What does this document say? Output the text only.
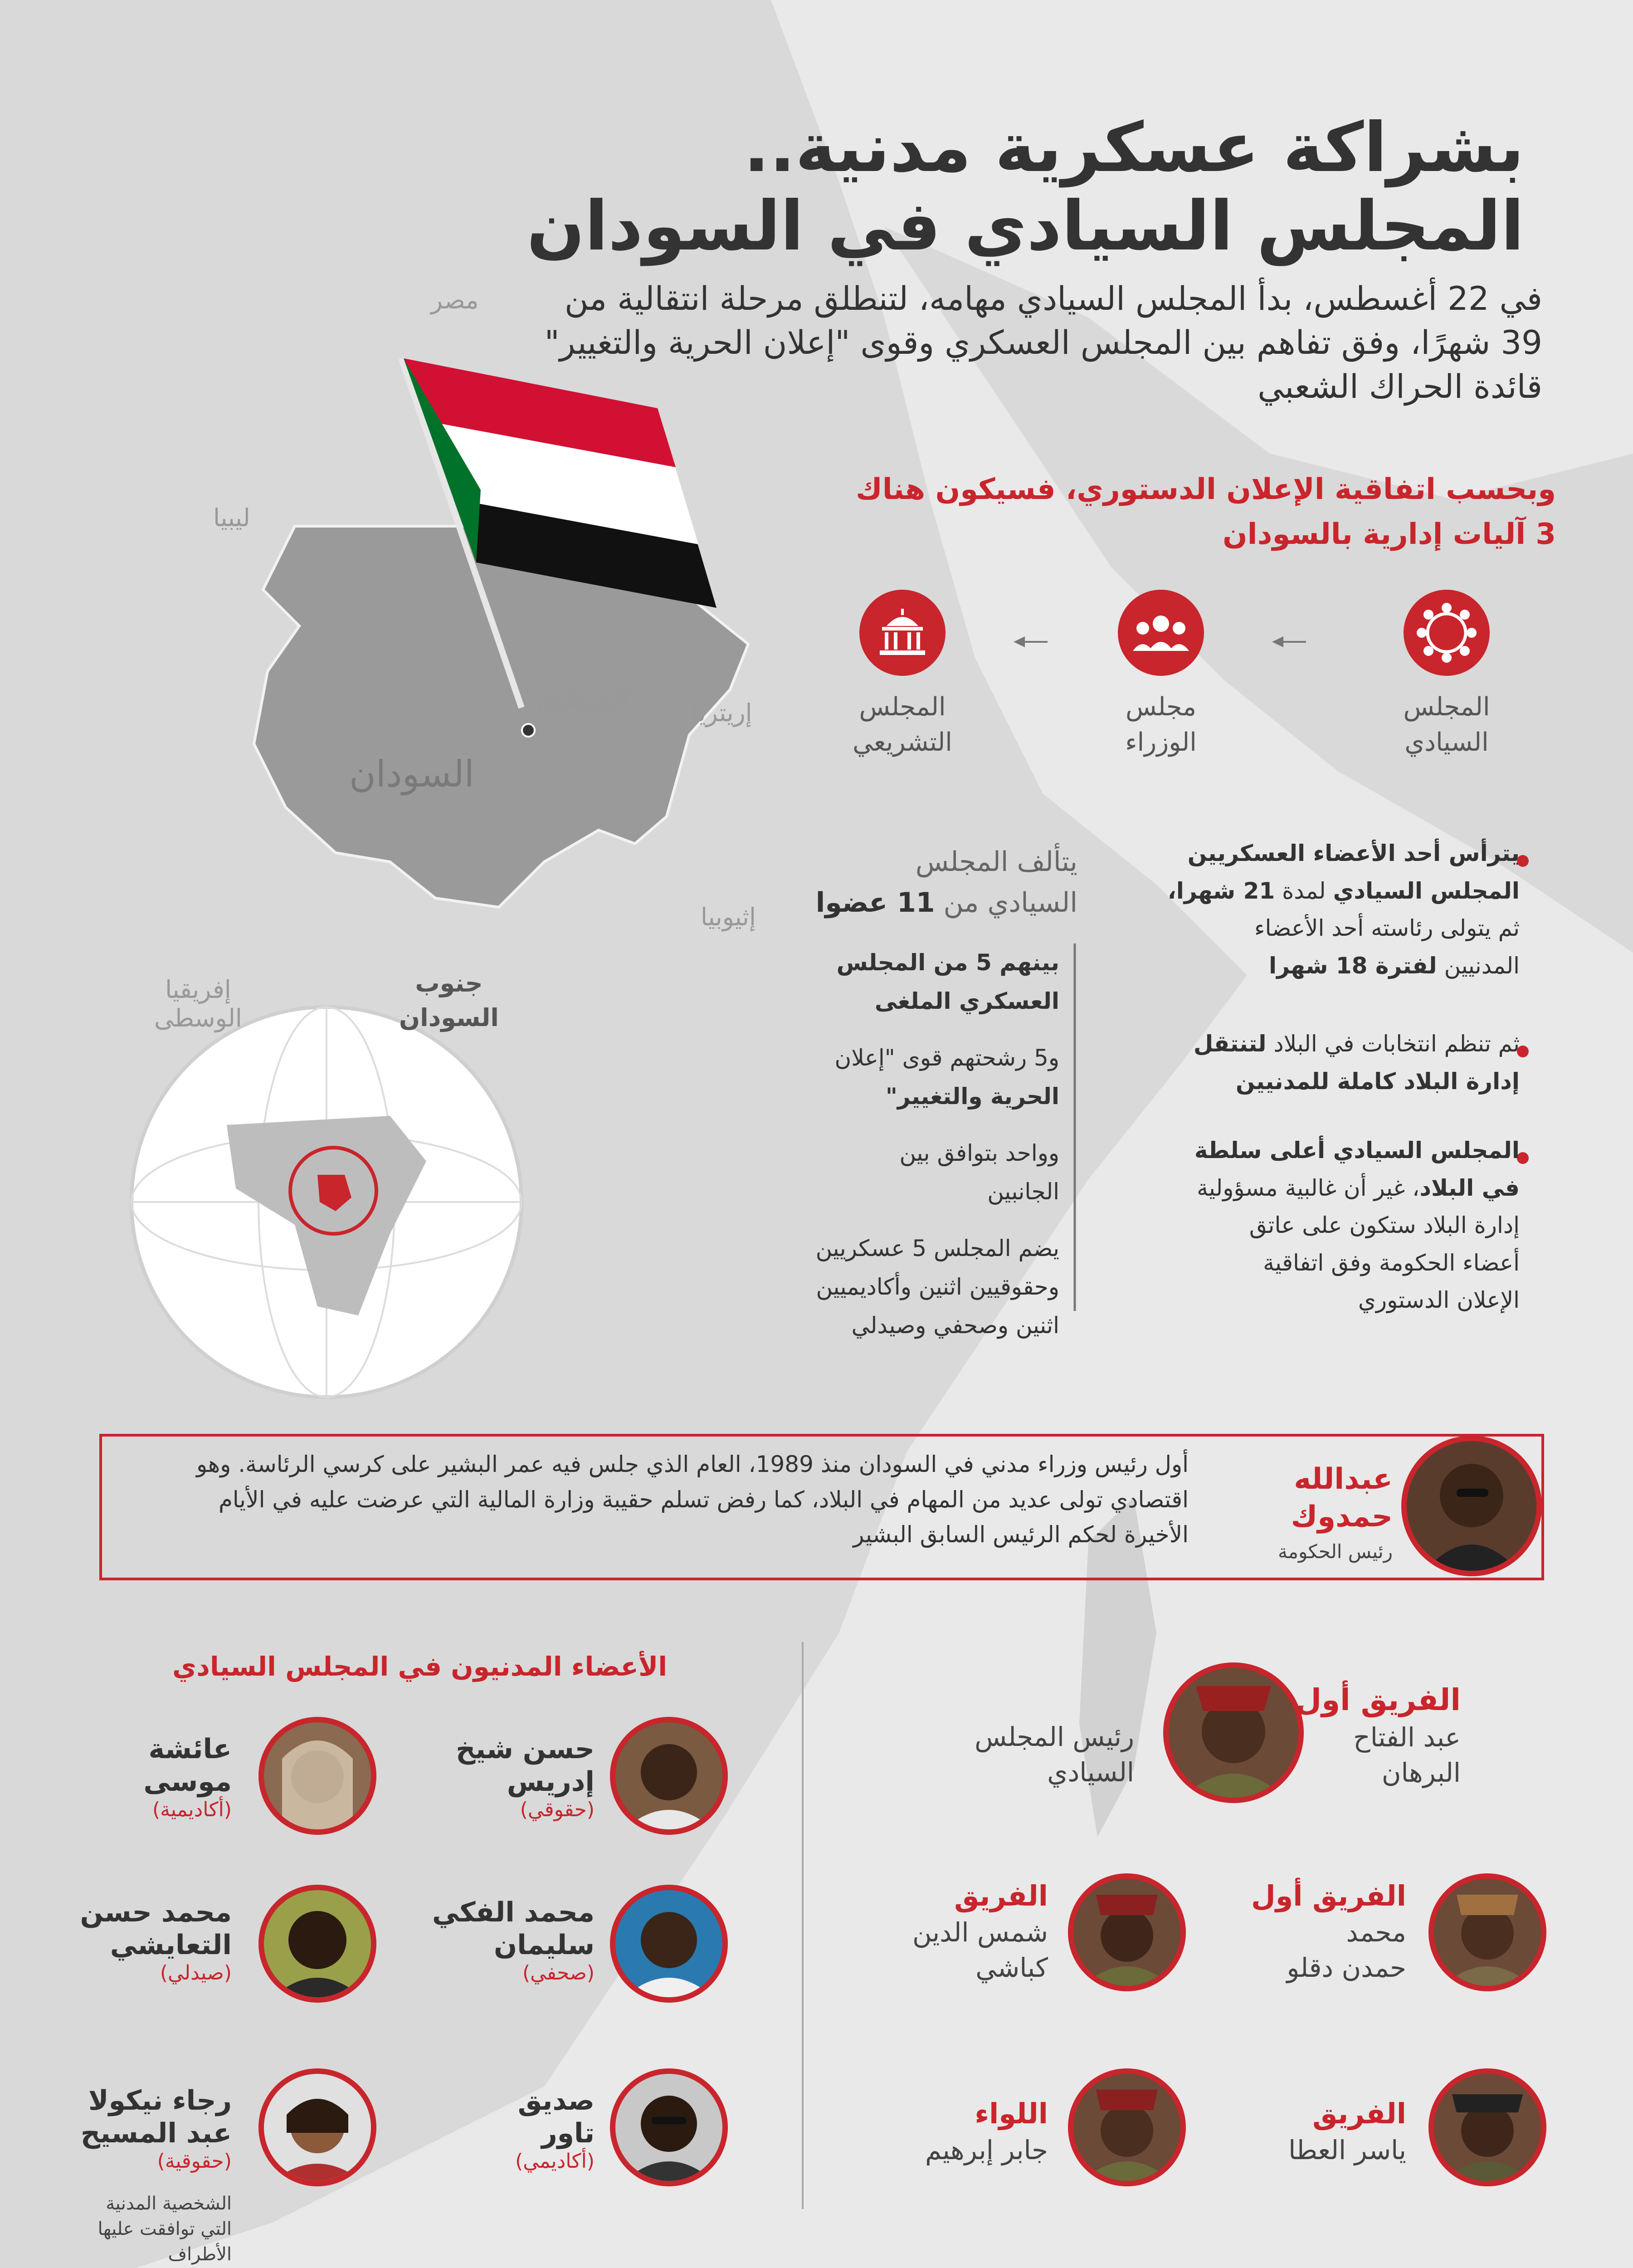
بشراكة عسكرية مدنية..
المجلس السيادي في السودان
في 22 أغسطس، بدأ المجلس السيادي مهامه، لتنطلق مرحلة انتقالية من
39 شهرًا، وفق تفاهم بين المجلس العسكري وقوى "إعلان الحرية والتغيير"
قائدة الحراك الشعبي
مصر
ليبيا
الخرطوم	إريتريا
السودان
إثيوبيا
إفريقيا
الوسطى
جنوب
السودان
وبحسب اتفاقية الإعلان الدستوري، فسيكون هناك
3 آليات إدارية بالسودان
المجلس
السيادي
مجلس
الوزراء
المجلس
التشريعي
يترأس أحد الأعضاء العسكريين
المجلس السيادي لمدة 21 شهرا،
ثم يتولى رئاسته أحد الأعضاء
المدنيين لفترة 18 شهرا
ثم تنظم انتخابات في البلاد لتنتقل
إدارة البلاد كاملة للمدنيين
المجلس السيادي أعلى سلطة
في البلاد، غير أن غالبية مسؤولية
إدارة البلاد ستكون على عاتق
أعضاء الحكومة وفق اتفاقية
الإعلان الدستوري
يتألف المجلس
السيادي من 11 عضوا
بينهم 5 من المجلس
العسكري الملغى
و5 رشحتهم قوى "إعلان
الحرية والتغيير"
وواحد بتوافق بين
الجانبين
يضم المجلس 5 عسكريين
وحقوقيين اثنين وأكاديميين
اثنين وصحفي وصيدلي
عبدالله
حمدوك
رئيس الحكومة
أول رئيس وزراء مدني في السودان منذ 1989، العام الذي جلس فيه عمر البشير على كرسي الرئاسة. وهو
اقتصادي تولى عديد من المهام في البلاد، كما رفض تسلم حقيبة وزارة المالية التي عرضت عليه في الأيام
الأخيرة لحكم الرئيس السابق البشير
الفريق أول
عبد الفتاح
البرهان
رئيس المجلس
السيادي
الفريق أول
محمد
حمدن دقلو
الفريق
شمس الدين
كباشي
الفريق
ياسر العطا
اللواء
جابر إبرهيم
الأعضاء المدنيون في المجلس السيادي
حسن شيخ
إدريس
(حقوقي)
عائشة
موسى
(أكاديمية)
محمد الفكي
سليمان
(صحفي)
محمد حسن
التعايشي
(صيدلي)
صديق
تاور
(أكاديمي)
رجاء نيكولا
عبد المسيح
(حقوقية)
الشخصية المدنية
التي توافقت عليها
الأطراف
